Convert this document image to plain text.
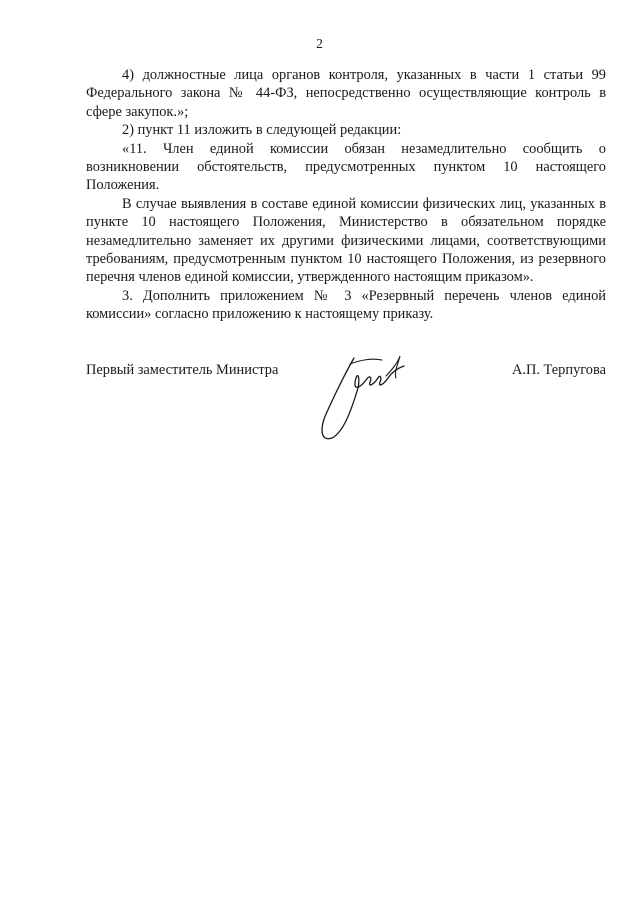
2

4) должностные лица органов контроля, указанных в части 1 статьи 99 Федерального закона № 44-ФЗ, непосредственно осуществляющие контроль в сфере закупок.»;

2) пункт 11 изложить в следующей редакции:

«11. Член единой комиссии обязан незамедлительно сообщить о возникновении обстоятельств, предусмотренных пунктом 10 настоящего Положения.

В случае выявления в составе единой комиссии физических лиц, указанных в пункте 10 настоящего Положения, Министерство в обязательном порядке незамедлительно заменяет их другими физическими лицами, соответствующими требованиям, предусмотренным пунктом 10 настоящего Положения, из резервного перечня членов единой комиссии, утвержденного настоящим приказом».

3. Дополнить приложением № 3 «Резервный перечень членов единой комиссии» согласно приложению к настоящему приказу.

Первый заместитель Министра	А.П. Терпугова
